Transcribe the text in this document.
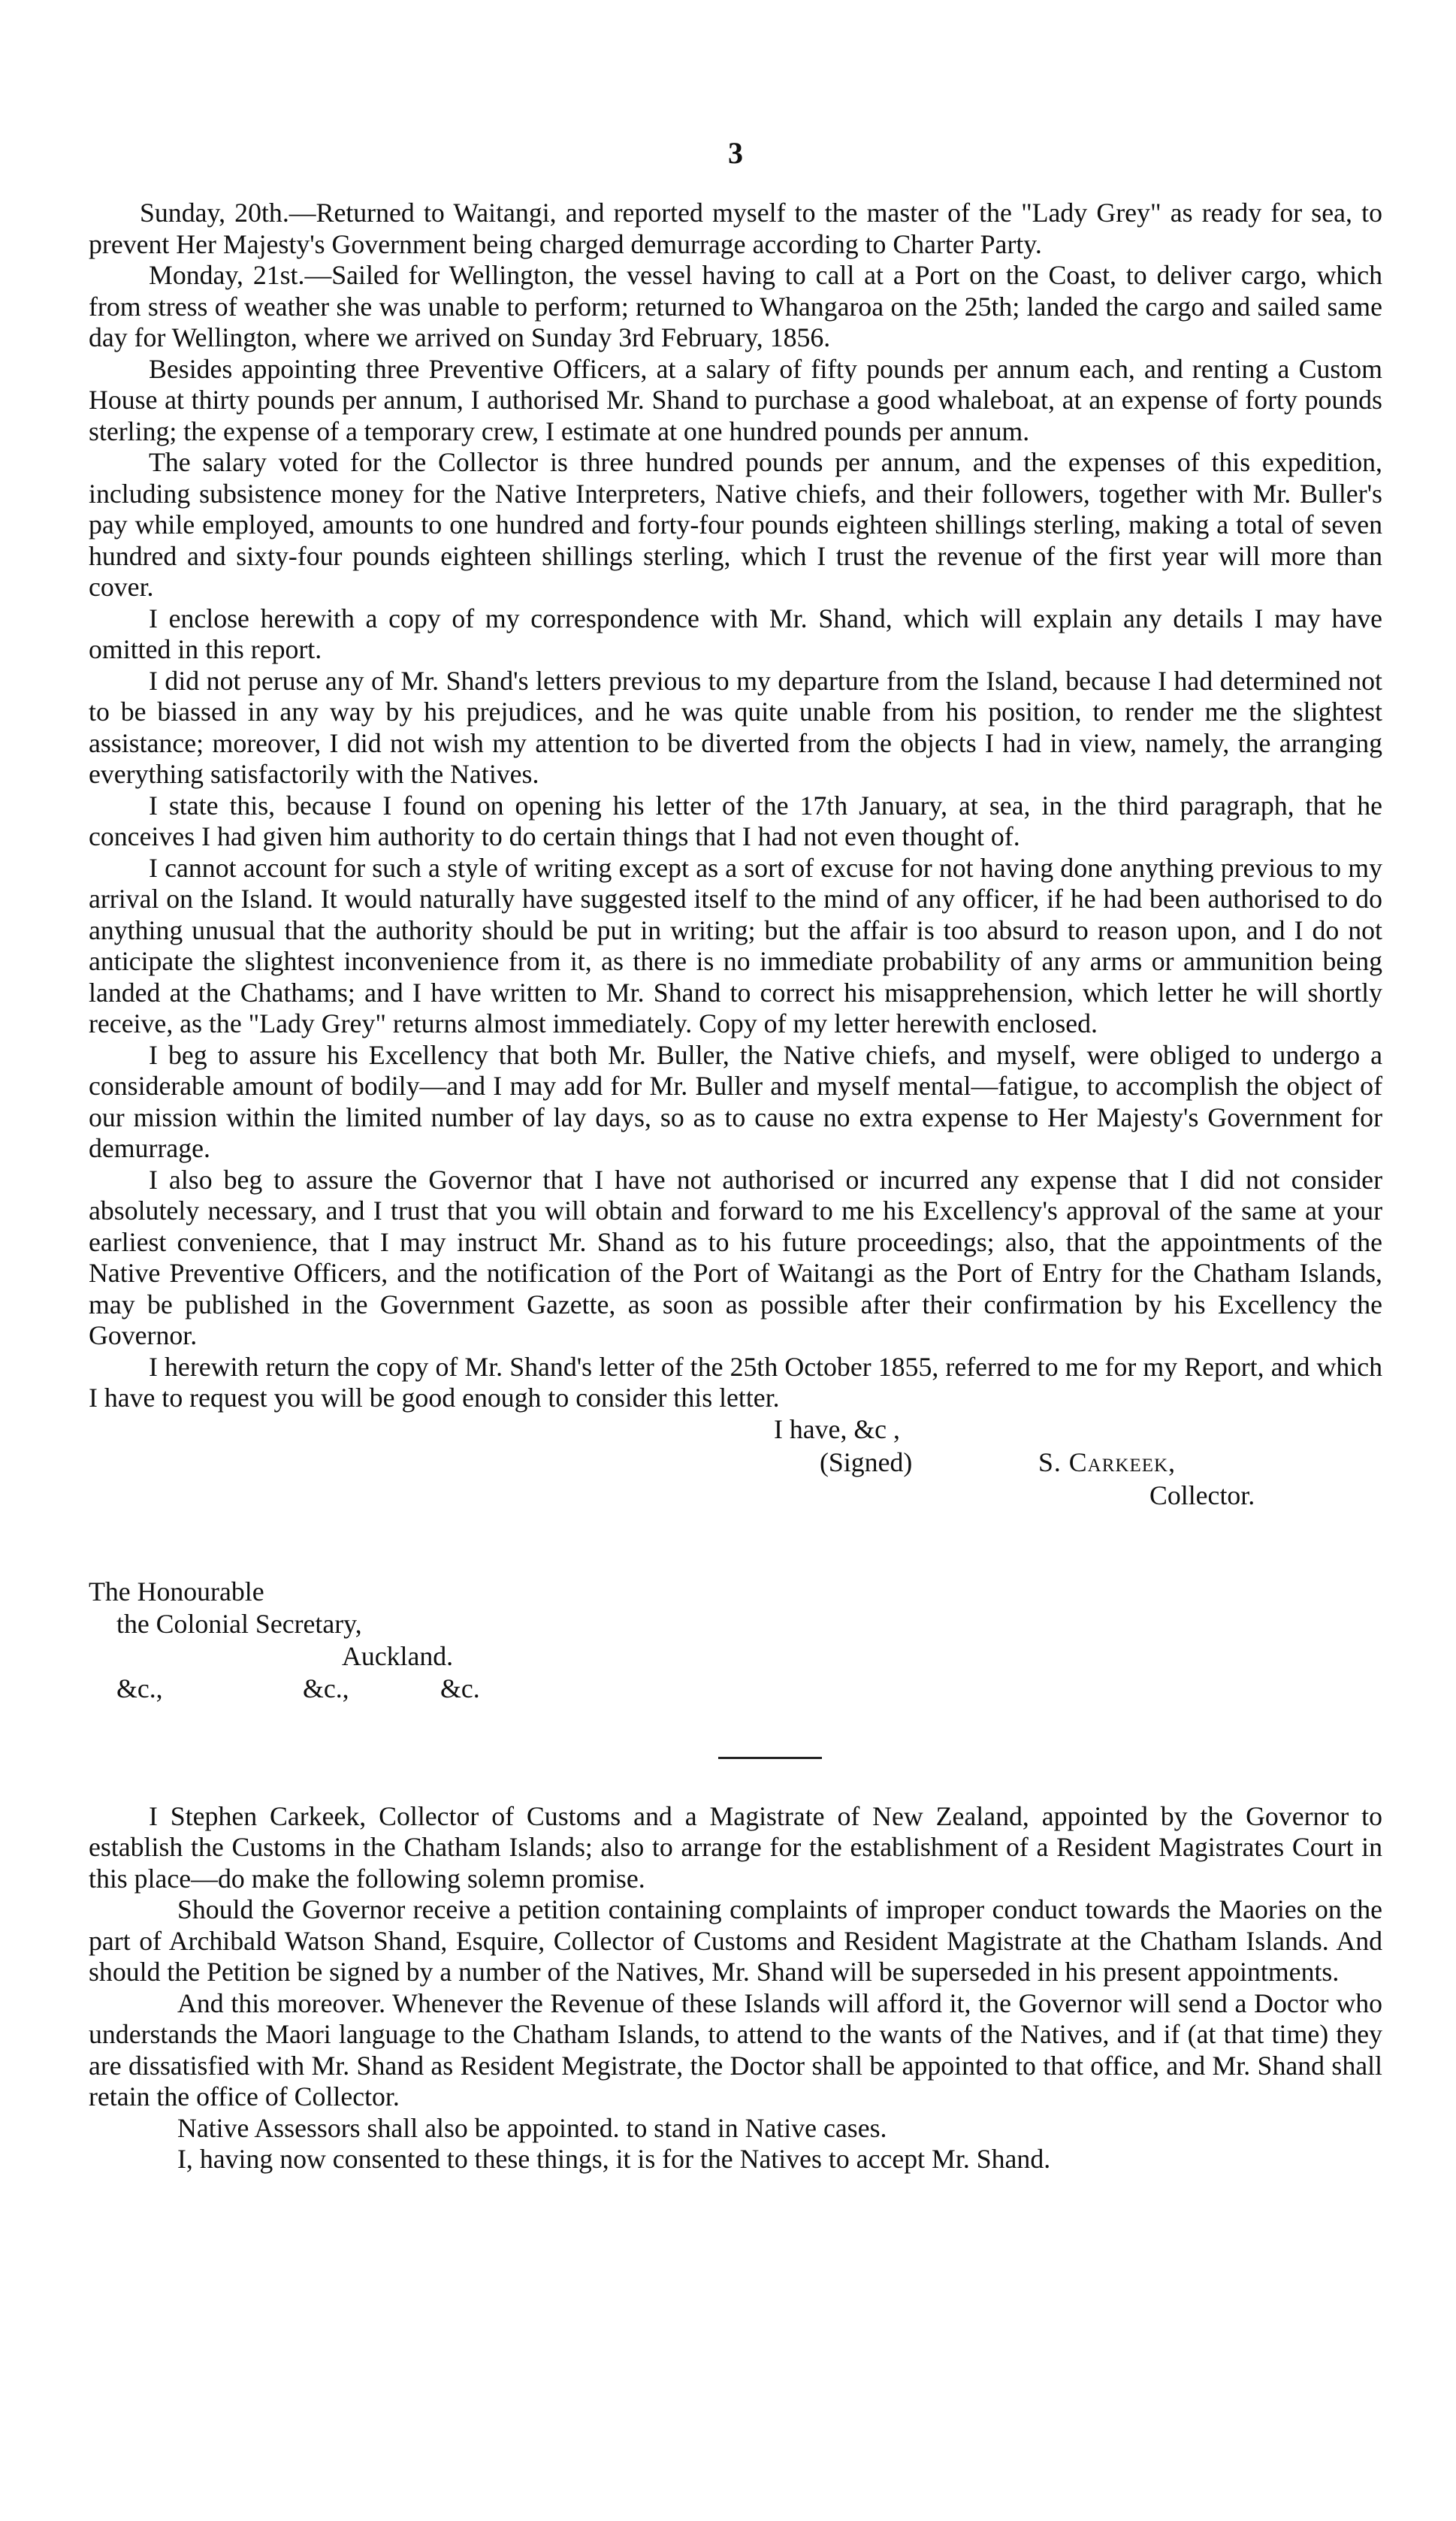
3

Sunday, 20th.—Returned to Waitangi, and reported myself to the master of the "Lady Grey" as ready for sea, to prevent Her Majesty's Government being charged demurrage according to Charter Party.

Monday, 21st.—Sailed for Wellington, the vessel having to call at a Port on the Coast, to deliver cargo, which from stress of weather she was unable to perform; returned to Whangaroa on the 25th; landed the cargo and sailed same day for Wellington, where we arrived on Sunday 3rd February, 1856.

Besides appointing three Preventive Officers, at a salary of fifty pounds per annum each, and renting a Custom House at thirty pounds per annum, I authorised Mr. Shand to purchase a good whaleboat, at an expense of forty pounds sterling; the expense of a temporary crew, I estimate at one hundred pounds per annum.

The salary voted for the Collector is three hundred pounds per annum, and the expenses of this expedition, including subsistence money for the Native Interpreters, Native chiefs, and their followers, together with Mr. Buller's pay while employed, amounts to one hundred and forty-four pounds eighteen shillings sterling, making a total of seven hundred and sixty-four pounds eighteen shillings sterling, which I trust the revenue of the first year will more than cover.

I enclose herewith a copy of my correspondence with Mr. Shand, which will explain any details I may have omitted in this report.

I did not peruse any of Mr. Shand's letters previous to my departure from the Island, because I had determined not to be biassed in any way by his prejudices, and he was quite unable from his position, to render me the slightest assistance; moreover, I did not wish my attention to be diverted from the objects I had in view, namely, the arranging everything satisfactorily with the Natives.

I state this, because I found on opening his letter of the 17th January, at sea, in the third paragraph, that he conceives I had given him authority to do certain things that I had not even thought of.

I cannot account for such a style of writing except as a sort of excuse for not having done anything previous to my arrival on the Island. It would naturally have suggested itself to the mind of any officer, if he had been authorised to do anything unusual that the authority should be put in writing; but the affair is too absurd to reason upon, and I do not anticipate the slightest inconvenience from it, as there is no immediate probability of any arms or ammunition being landed at the Chathams; and I have written to Mr. Shand to correct his misapprehension, which letter he will shortly receive, as the "Lady Grey" returns almost immediately. Copy of my letter herewith enclosed.

I beg to assure his Excellency that both Mr. Buller, the Native chiefs, and myself, were obliged to undergo a considerable amount of bodily—and I may add for Mr. Buller and myself mental—fatigue, to accomplish the object of our mission within the limited number of lay days, so as to cause no extra expense to Her Majesty's Government for demurrage.

I also beg to assure the Governor that I have not authorised or incurred any expense that I did not consider absolutely necessary, and I trust that you will obtain and forward to me his Excellency's approval of the same at your earliest convenience, that I may instruct Mr. Shand as to his future proceedings; also, that the appointments of the Native Preventive Officers, and the notification of the Port of Waitangi as the Port of Entry for the Chatham Islands, may be published in the Government Gazette, as soon as possible after their confirmation by his Excellency the Governor.

I herewith return the copy of Mr. Shand's letter of the 25th October 1855, referred to me for my Report, and which I have to request you will be good enough to consider this letter.

I have, &c ,
(Signed)	S. Carkeek,
Collector.
The Honourable
the Colonial Secretary,
Auckland.
&c.,	&c.,	&c.

I Stephen Carkeek, Collector of Customs and a Magistrate of New Zealand, appointed by the Governor to establish the Customs in the Chatham Islands; also to arrange for the establishment of a Resident Magistrates Court in this place—do make the following solemn promise.

Should the Governor receive a petition containing complaints of improper conduct towards the Maories on the part of Archibald Watson Shand, Esquire, Collector of Customs and Resident Magistrate at the Chatham Islands. And should the Petition be signed by a number of the Natives, Mr. Shand will be superseded in his present appointments.

And this moreover. Whenever the Revenue of these Islands will afford it, the Governor will send a Doctor who understands the Maori language to the Chatham Islands, to attend to the wants of the Natives, and if (at that time) they are dissatisfied with Mr. Shand as Resident Megistrate, the Doctor shall be appointed to that office, and Mr. Shand shall retain the office of Collector.

Native Assessors shall also be appointed. to stand in Native cases.

I, having now consented to these things, it is for the Natives to accept Mr. Shand.
